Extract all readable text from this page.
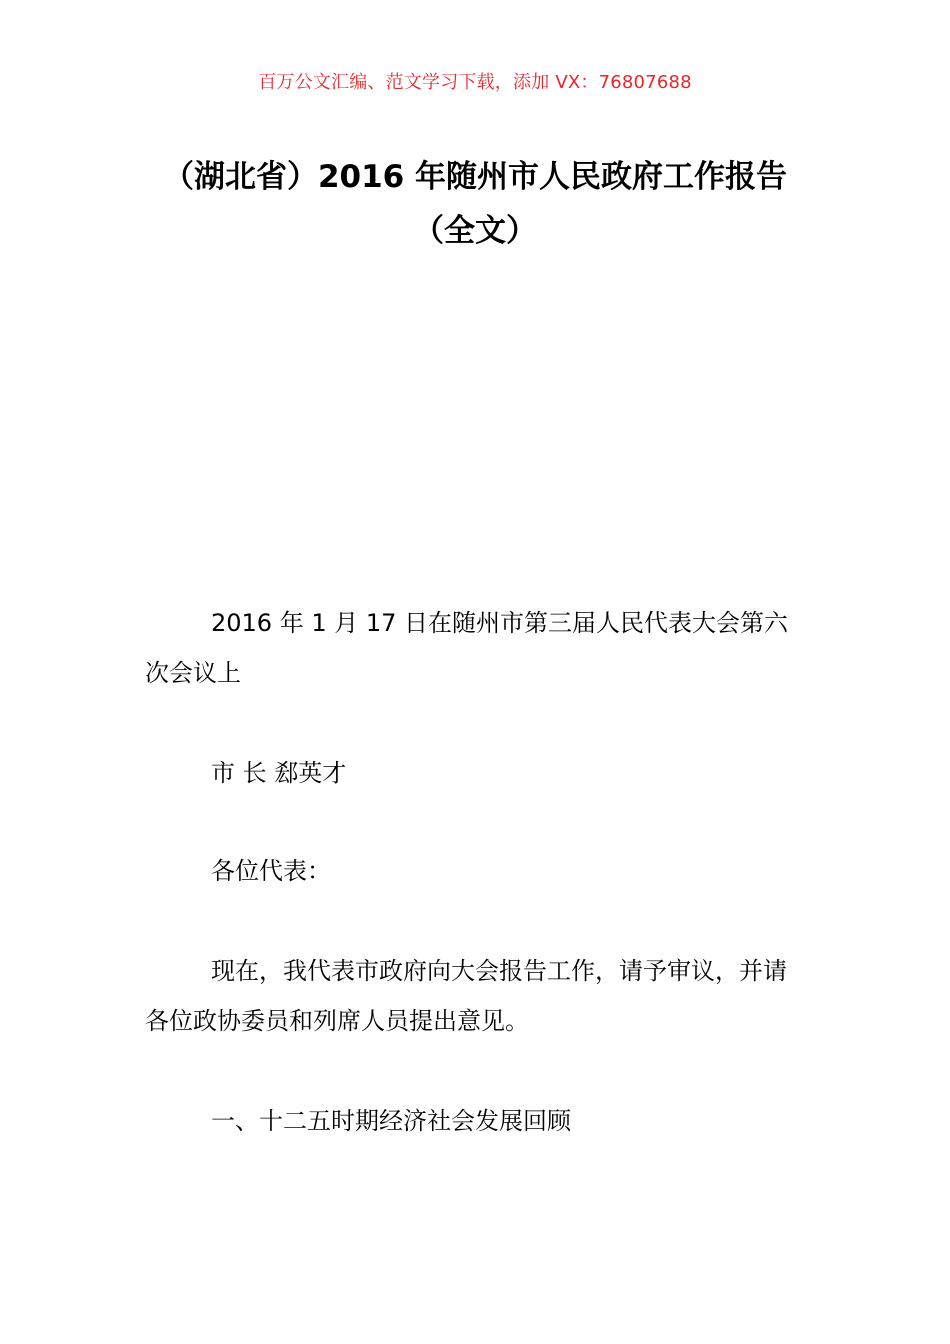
百万公文汇编、范文学习下载，添加 VX：76807688
（湖北省）2016 年随州市人民政府工作报告（全文）
2016 年 1 月 17 日在随州市第三届人民代表大会第六次会议上
市 长 郄英才
各位代表：
现在，我代表市政府向大会报告工作，请予审议，并请各位政协委员和列席人员提出意见。
一、十二五时期经济社会发展回顾
